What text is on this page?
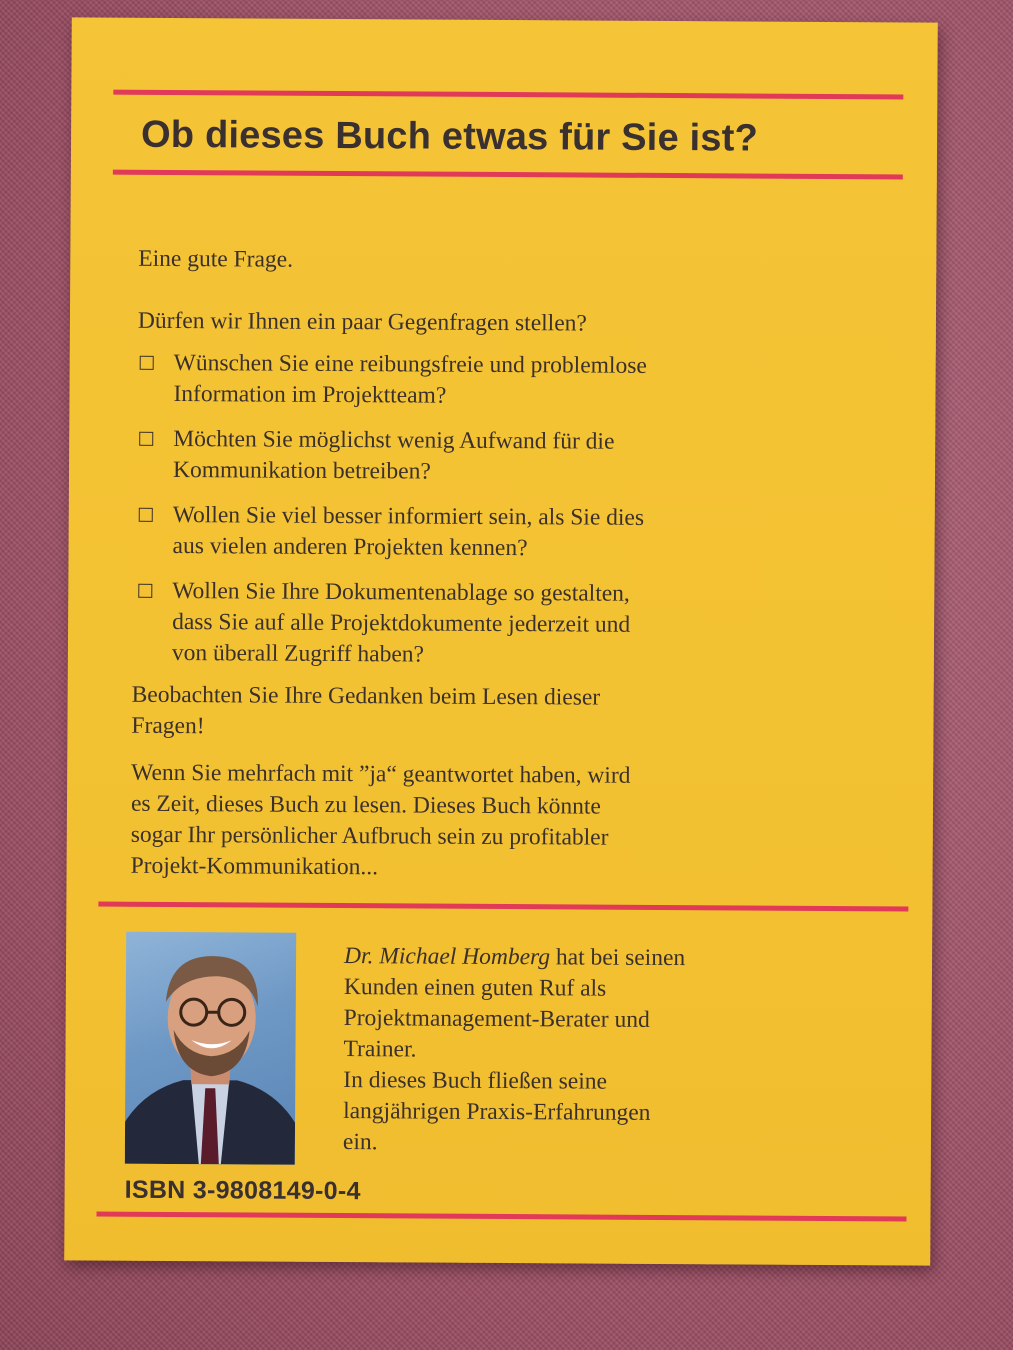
Ob dieses Buch etwas für Sie ist?
Eine gute Frage.
Dürfen wir Ihnen ein paar Gegenfragen stellen?
Wünschen Sie eine reibungsfreie und problemlose
Information im Projektteam?
Möchten Sie möglichst wenig Aufwand für die
Kommunikation betreiben?
Wollen Sie viel besser informiert sein, als Sie dies
aus vielen anderen Projekten kennen?
Wollen Sie Ihre Dokumentenablage so gestalten,
dass Sie auf alle Projektdokumente jederzeit und
von überall Zugriff haben?
Beobachten Sie Ihre Gedanken beim Lesen dieser
Fragen!
Wenn Sie mehrfach mit ”ja“ geantwortet haben, wird
es Zeit, dieses Buch zu lesen. Dieses Buch könnte
sogar Ihr persönlicher Aufbruch sein zu profitabler
Projekt-Kommunikation...
Dr. Michael Homberg hat bei seinen
Kunden einen guten Ruf als
Projektmanagement-Berater und
Trainer.
In dieses Buch fließen seine
langjährigen Praxis-Erfahrungen
ein.
ISBN 3-9808149-0-4
